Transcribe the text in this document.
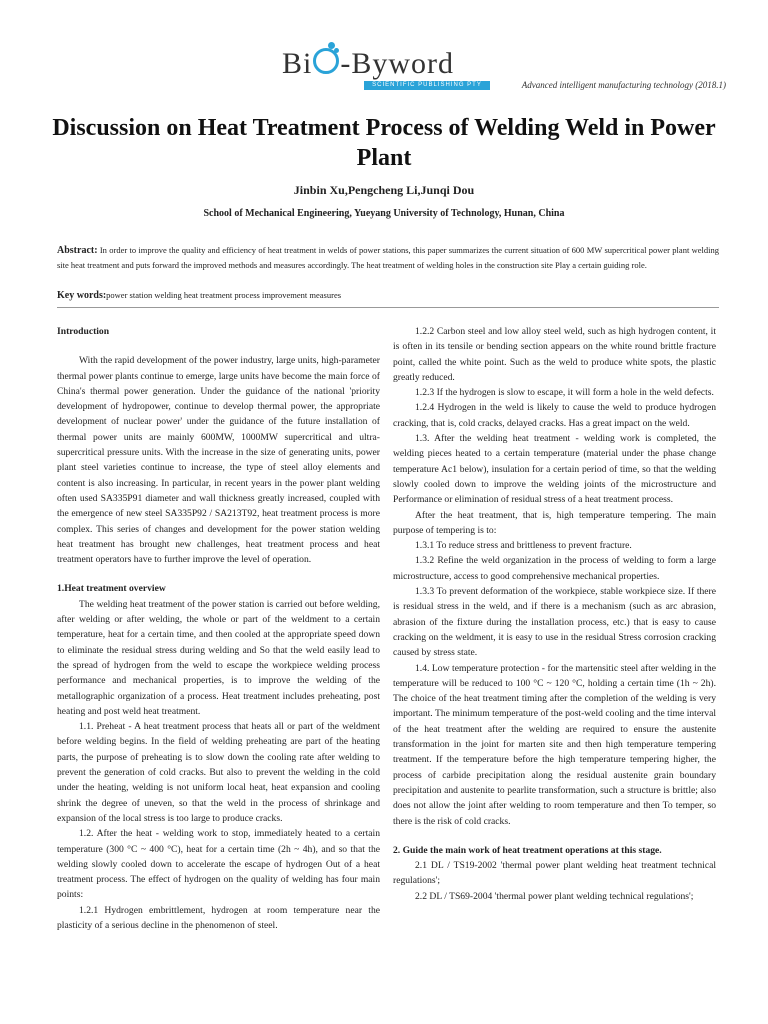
Bi -Byword
SCIENTIFIC PUBLISHING PTY LTD
Advanced intelligent manufacturing technology (2018.1)
Discussion on Heat Treatment Process of Welding Weld in Power Plant
Jinbin Xu,Pengcheng Li,Junqi Dou
School of Mechanical Engineering, Yueyang University of Technology, Hunan, China
Abstract: In order to improve the quality and efficiency of heat treatment in welds of power stations, this paper summarizes the current situation of 600 MW supercritical power plant welding site heat treatment and puts forward the improved methods and measures accordingly. The heat treatment of welding holes in the construction site Play a certain guiding role.
Key words:power station welding heat treatment process improvement measures

Introduction

With the rapid development of the power industry, large units, high-parameter thermal power plants continue to emerge, large units have become the main force of China's thermal power generation. Under the guidance of the national 'priority development of hydropower, continue to develop thermal power, the appropriate development of nuclear power' under the guidance of the future installation of thermal power units are mainly 600MW, 1000MW supercritical and ultra-supercritical pressure units. With the increase in the size of generating units, power plant steel varieties continue to increase, the type of steel alloy elements and content is also increasing. In particular, in recent years in the power plant welding often used SA335P91 diameter and wall thickness greatly increased, coupled with the emergence of new steel SA335P92 / SA213T92, heat treatment process is more complex. This series of changes and development for the power station welding heat treatment has brought new challenges, heat treatment process and heat treatment operators have to further improve the level of operation.

1.Heat treatment overview

The welding heat treatment of the power station is carried out before welding, after welding or after welding, the whole or part of the weldment to a certain temperature, heat for a certain time, and then cooled at the appropriate speed down to eliminate the residual stress during welding and So that the weld easily lead to the spread of hydrogen from the weld to escape the workpiece welding process performance and mechanical properties, is to improve the welding of the metallographic organization of a process. Heat treatment includes preheating, post heating and post weld heat treatment.

1.1. Preheat - A heat treatment process that heats all or part of the weldment before welding begins. In the field of welding preheating are part of the heating parts, the purpose of preheating is to slow down the cooling rate after welding to prevent the generation of cold cracks. But also to prevent the welding in the cold under the heating, welding is not uniform local heat, heat expansion and cooling shrink the degree of uneven, so that the weld in the process of shrinkage and expansion of the local stress is too large to produce cracks.

1.2. After the heat - welding work to stop, immediately heated to a certain temperature (300 °C ~ 400 °C), heat for a certain time (2h ~ 4h), and so that the welding slowly cooled down to accelerate the escape of hydrogen Out of a heat treatment process. The effect of hydrogen on the quality of welding has four main points:

1.2.1 Hydrogen embrittlement, hydrogen at room temperature near the plasticity of a serious decline in the phenomenon of steel.

1.2.2 Carbon steel and low alloy steel weld, such as high hydrogen content, it is often in its tensile or bending section appears on the white round brittle fracture point, called the white point. Such as the weld to produce white spots, the plastic greatly reduced.

1.2.3 If the hydrogen is slow to escape, it will form a hole in the weld defects.

1.2.4 Hydrogen in the weld is likely to cause the weld to produce hydrogen cracking, that is, cold cracks, delayed cracks. Has a great impact on the weld.

1.3. After the welding heat treatment - welding work is completed, the welding pieces heated to a certain temperature (material under the phase change temperature Ac1 below), insulation for a certain period of time, so that the welding slowly cooled down to improve the welding joints of the microstructure and Performance or elimination of residual stress of a heat treatment process.

After the heat treatment, that is, high temperature tempering. The main purpose of tempering is to:

1.3.1 To reduce stress and brittleness to prevent fracture.

1.3.2 Refine the weld organization in the process of welding to form a large microstructure, access to good comprehensive mechanical properties.

1.3.3 To prevent deformation of the workpiece, stable workpiece size. If there is residual stress in the weld, and if there is a mechanism (such as arc abrasion, abrasion of the fixture during the installation process, etc.) that is easy to cause cracking on the weldment, it is easy to use in the residual Stress corrosion cracking caused by stress state.

1.4. Low temperature protection - for the martensitic steel after welding in the temperature will be reduced to 100 °C ~ 120 °C, holding a certain time (1h ~ 2h). The choice of the heat treatment timing after the completion of the welding is very important. The minimum temperature of the post-weld cooling and the time interval of the heat treatment after the welding are required to ensure the austenite transformation in the joint for marten site and then high temperature tempering treatment. If the temperature before the high temperature tempering higher, the process of carbide precipitation along the residual austenite grain boundary precipitation and austenite to pearlite transformation, such a structure is brittle; also does not allow the joint after welding to room temperature and then To temper, so there is the risk of cold cracks.

2. Guide the main work of heat treatment operations at this stage.

2.1 DL / TS19-2002 'thermal power plant welding heat treatment technical regulations';

2.2 DL / TS69-2004 'thermal power plant welding technical regulations';
